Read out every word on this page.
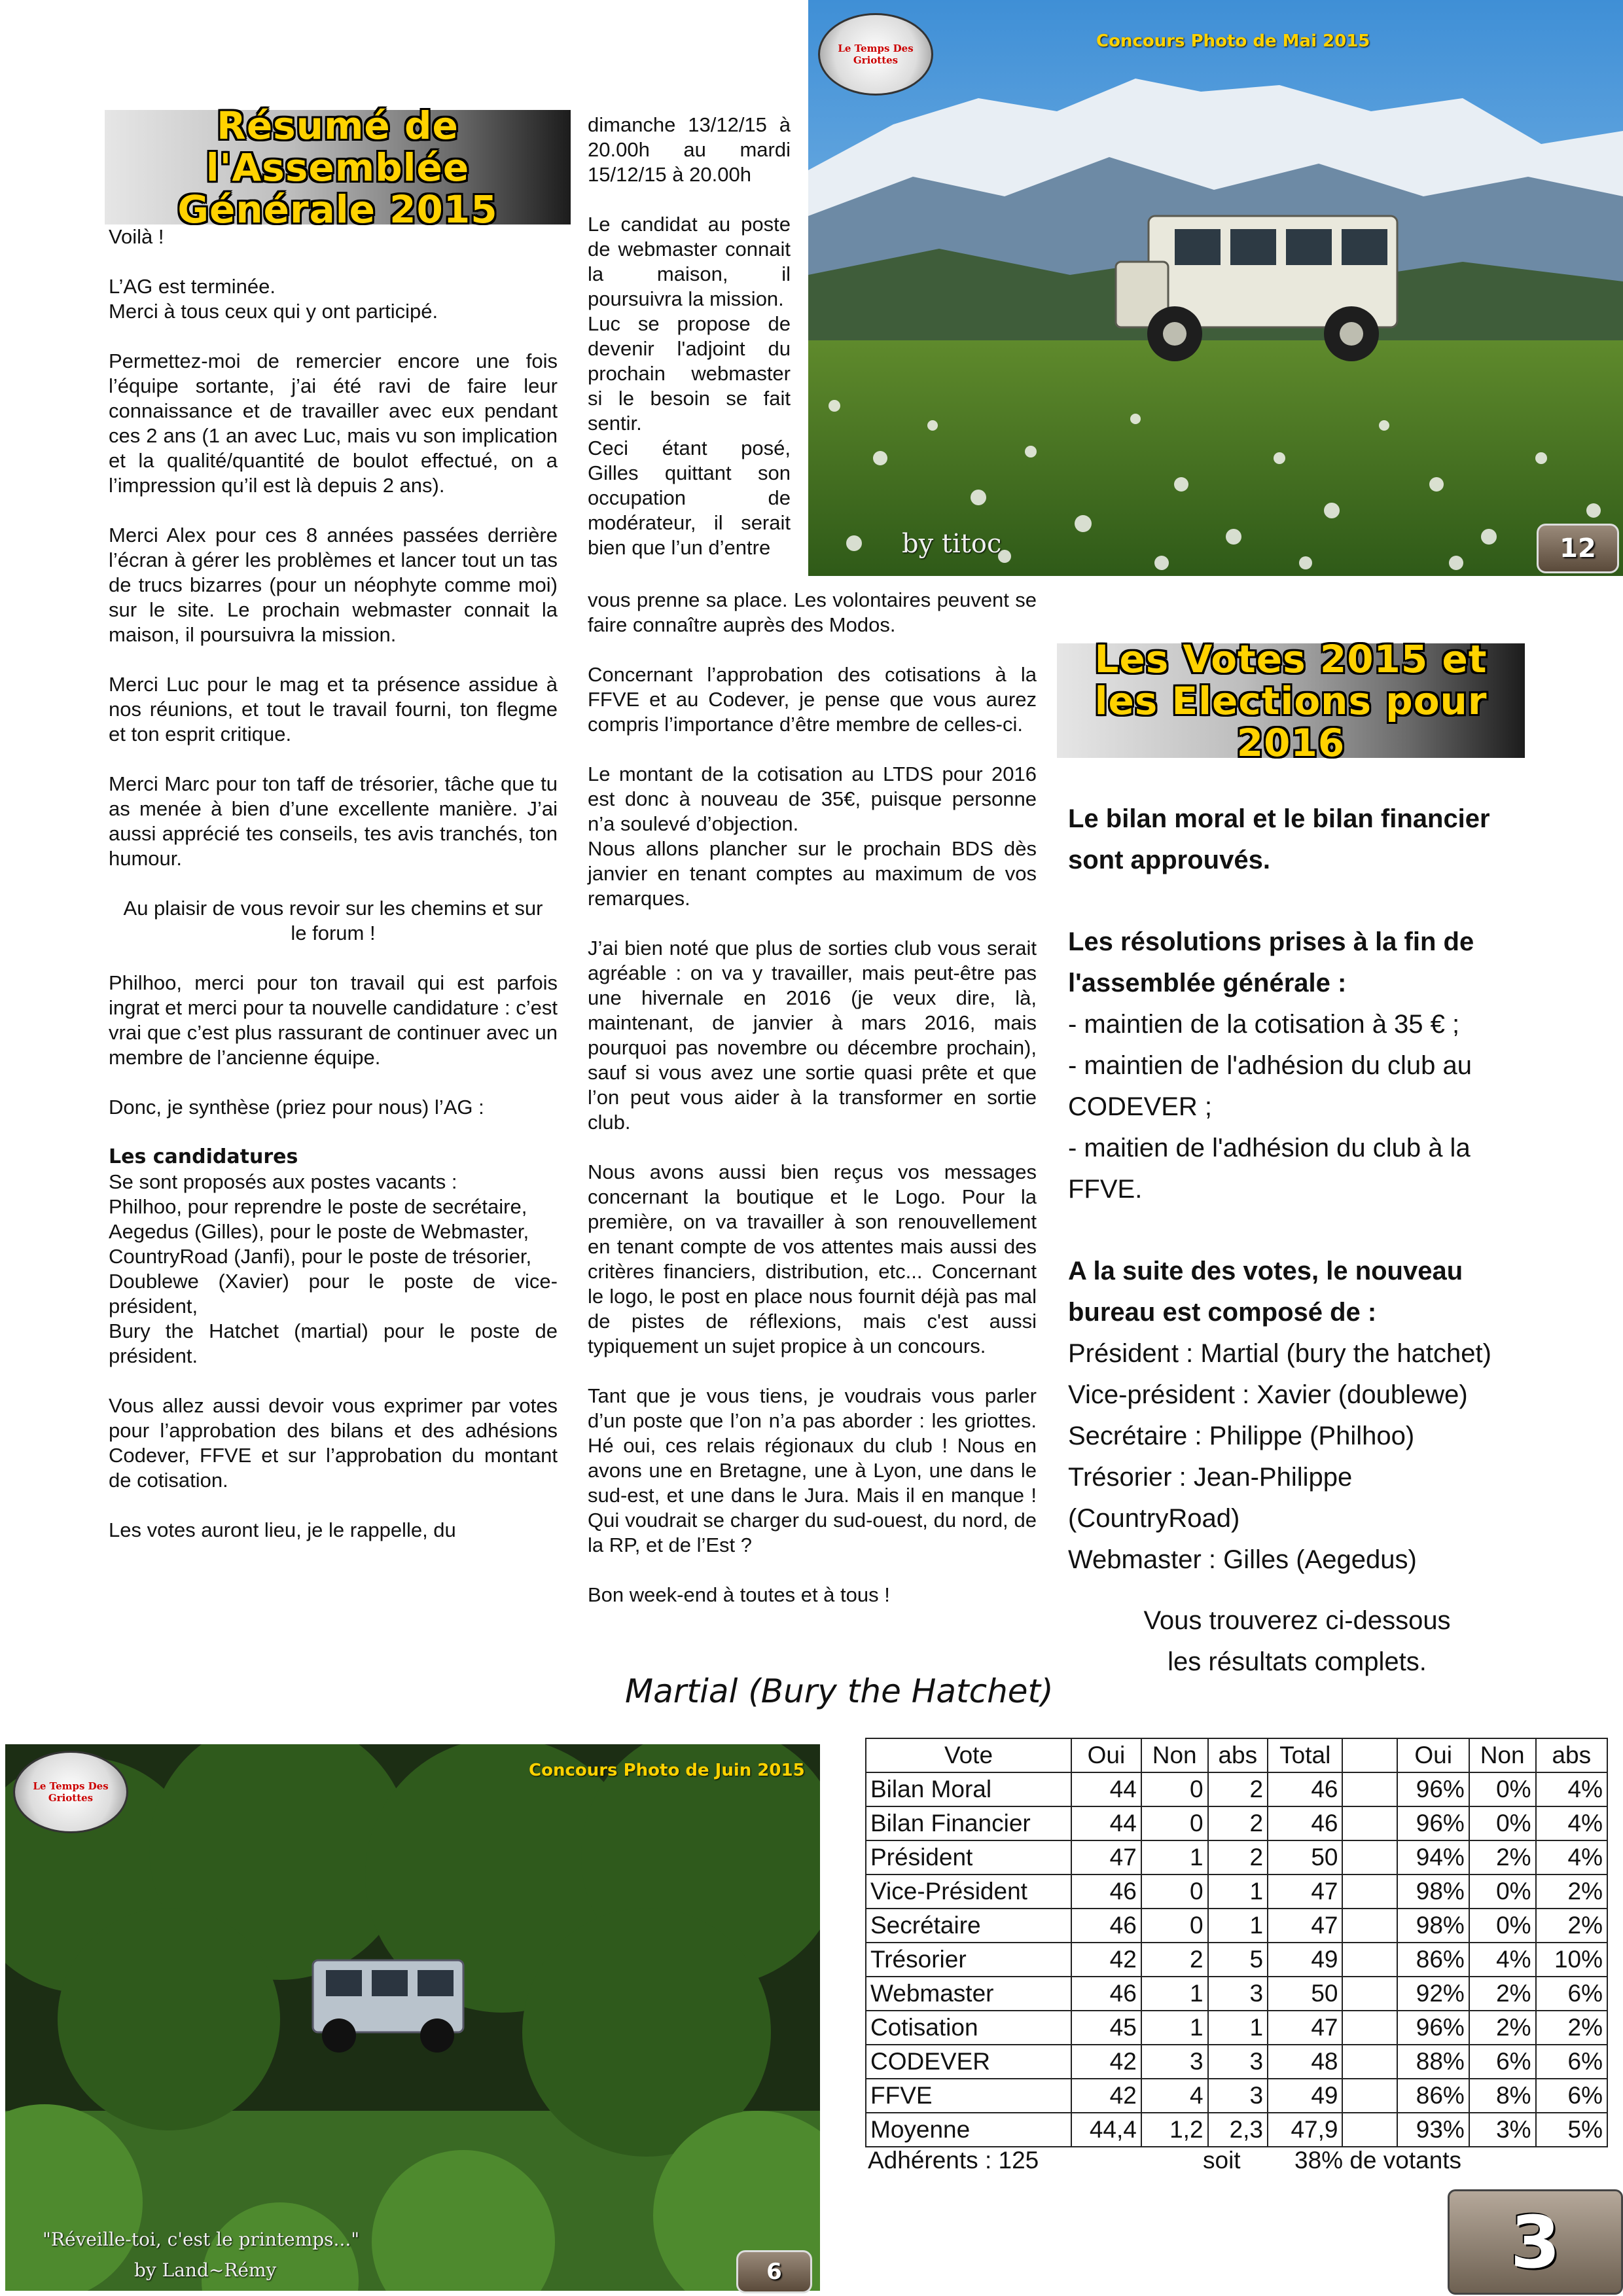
Résumé de l'Assemblée
Générale 2015

Voilà !

L’AG est terminée.

Merci à tous ceux qui y ont participé.

Permettez-moi de remercier encore une fois l’équipe sortante, j’ai été ravi de faire leur connaissance et de travailler avec eux pendant ces 2 ans (1 an avec Luc, mais vu son implication et la qualité/quantité de boulot effectué, on a l’impression qu’il est là depuis 2 ans).

Merci Alex pour ces 8 années passées derrière l’écran à gérer les problèmes et lancer tout un tas de trucs bizarres (pour un néophyte comme moi) sur le site. Le prochain webmaster connait la maison, il poursuivra la mission.

Merci Luc pour le mag et ta présence assidue à nos réunions, et tout le travail fourni, ton flegme et ton esprit critique.

Merci Marc pour ton taff de trésorier, tâche que tu as menée à bien d’une excellente manière. J’ai aussi apprécié tes conseils, tes avis tranchés, ton humour.

Au plaisir de vous revoir sur les chemins et sur le forum !

Philhoo, merci pour ton travail qui est parfois ingrat et merci pour ta nouvelle candidature : c’est vrai que c’est plus rassurant de continuer avec un membre de l’ancienne équipe.

Donc, je synthèse (priez pour nous) l’AG :

Les candidatures

Se sont proposés aux postes vacants :

Philhoo, pour reprendre le poste de secrétaire,

Aegedus (Gilles), pour le poste de Webmaster,

CountryRoad (Janfi), pour le poste de trésorier,

Doublewe (Xavier) pour le poste de vice-président,

Bury the Hatchet (martial) pour le poste de président.

Vous allez aussi devoir vous exprimer par votes pour l’approbation des bilans et des adhésions Codever, FFVE et sur l’approbation du montant de cotisation.

Les votes auront lieu, je le rappelle, du

dimanche 13/12/15 à 20.00h au mardi 15/12/15 à 20.00h

Le candidat au poste de webmaster connait la maison, il poursuivra la mission.

Luc se propose de devenir l'adjoint du prochain webmaster si le besoin se fait sentir.

Ceci étant posé, Gilles quittant son occupation de modérateur, il serait bien que l’un d’entre

vous prenne sa place. Les volontaires peuvent se faire connaître auprès des Modos.

Concernant l’approbation des cotisations à la FFVE et au Codever, je pense que vous aurez compris l’importance d’être membre de celles-ci.

Le montant de la cotisation au LTDS pour 2016 est donc à nouveau de 35€, puisque personne n’a soulevé d’objection.

Nous allons plancher sur le prochain BDS dès janvier en tenant comptes au maximum de vos remarques.

J’ai bien noté que plus de sorties club vous serait agréable : on va y travailler, mais peut-être pas une hivernale en 2016 (je veux dire, là, maintenant, de janvier à mars 2016, mais pourquoi pas novembre ou décembre prochain), sauf si vous avez une sortie quasi prête et que l’on peut vous aider à la transformer en sortie club.

Nous avons aussi bien reçus vos messages concernant la boutique et le Logo. Pour la première, on va travailler à son renouvellement en tenant compte de vos attentes mais aussi des critères financiers, distribution, etc... Concernant le logo, le post en place nous fournit déjà pas mal de pistes de réflexions, mais c'est aussi typiquement un sujet propice à un concours.

Tant que je vous tiens, je voudrais vous parler d’un poste que l’on n’a pas aborder : les griottes. Hé oui, ces relais régionaux du club ! Nous en avons une en Bretagne, une à Lyon, une dans le sud-est, et une dans le Jura. Mais il en manque ! Qui voudrait se charger du sud-ouest, du nord, de la RP, et de l’Est ?

Bon week-end à toutes et à tous !

Martial (Bury the Hatchet)
Le Temps Des Griottes
Concours Photo de Mai 2015
by titoc	12
Les Votes 2015 et
les Elections pour 2016

Le bilan moral et le bilan financier

sont approuvés.

Les résolutions prises à la fin de

l'assemblée générale :

- maintien de la cotisation à 35 € ;

- maintien de l'adhésion du club au

CODEVER ;

- maitien de l'adhésion du club à la

FFVE.

A la suite des votes, le nouveau

bureau est composé de :

Président : Martial (bury the hatchet)

Vice-président : Xavier (doublewe)

Secrétaire : Philippe (Philhoo)

Trésorier : Jean-Philippe

(CountryRoad)

Webmaster : Gilles (Aegedus)

Vous trouverez ci-dessous

les résultats complets.

Le Temps Des Griottes
Concours Photo de Juin 2015
"Réveille-toi, c'est le printemps..."
by Land~Rémy	6
Vote	Oui	Non	abs	Total		Oui	Non	abs
Bilan Moral	44	0	2	46		96%	0%	4%
Bilan Financier	44	0	2	46		96%	0%	4%
Président	47	1	2	50		94%	2%	4%
Vice-Président	46	0	1	47		98%	0%	2%
Secrétaire	46	0	1	47		98%	0%	2%
Trésorier	42	2	5	49		86%	4%	10%
Webmaster	46	1	3	50		92%	2%	6%
Cotisation	45	1	1	47		96%	2%	2%
CODEVER	42	3	3	48		88%	6%	6%
FFVE	42	4	3	49		86%	8%	6%
Moyenne	44,4	1,2	2,3	47,9		93%	3%	5%
Adhérents : 125	soit 38% de votants
3
